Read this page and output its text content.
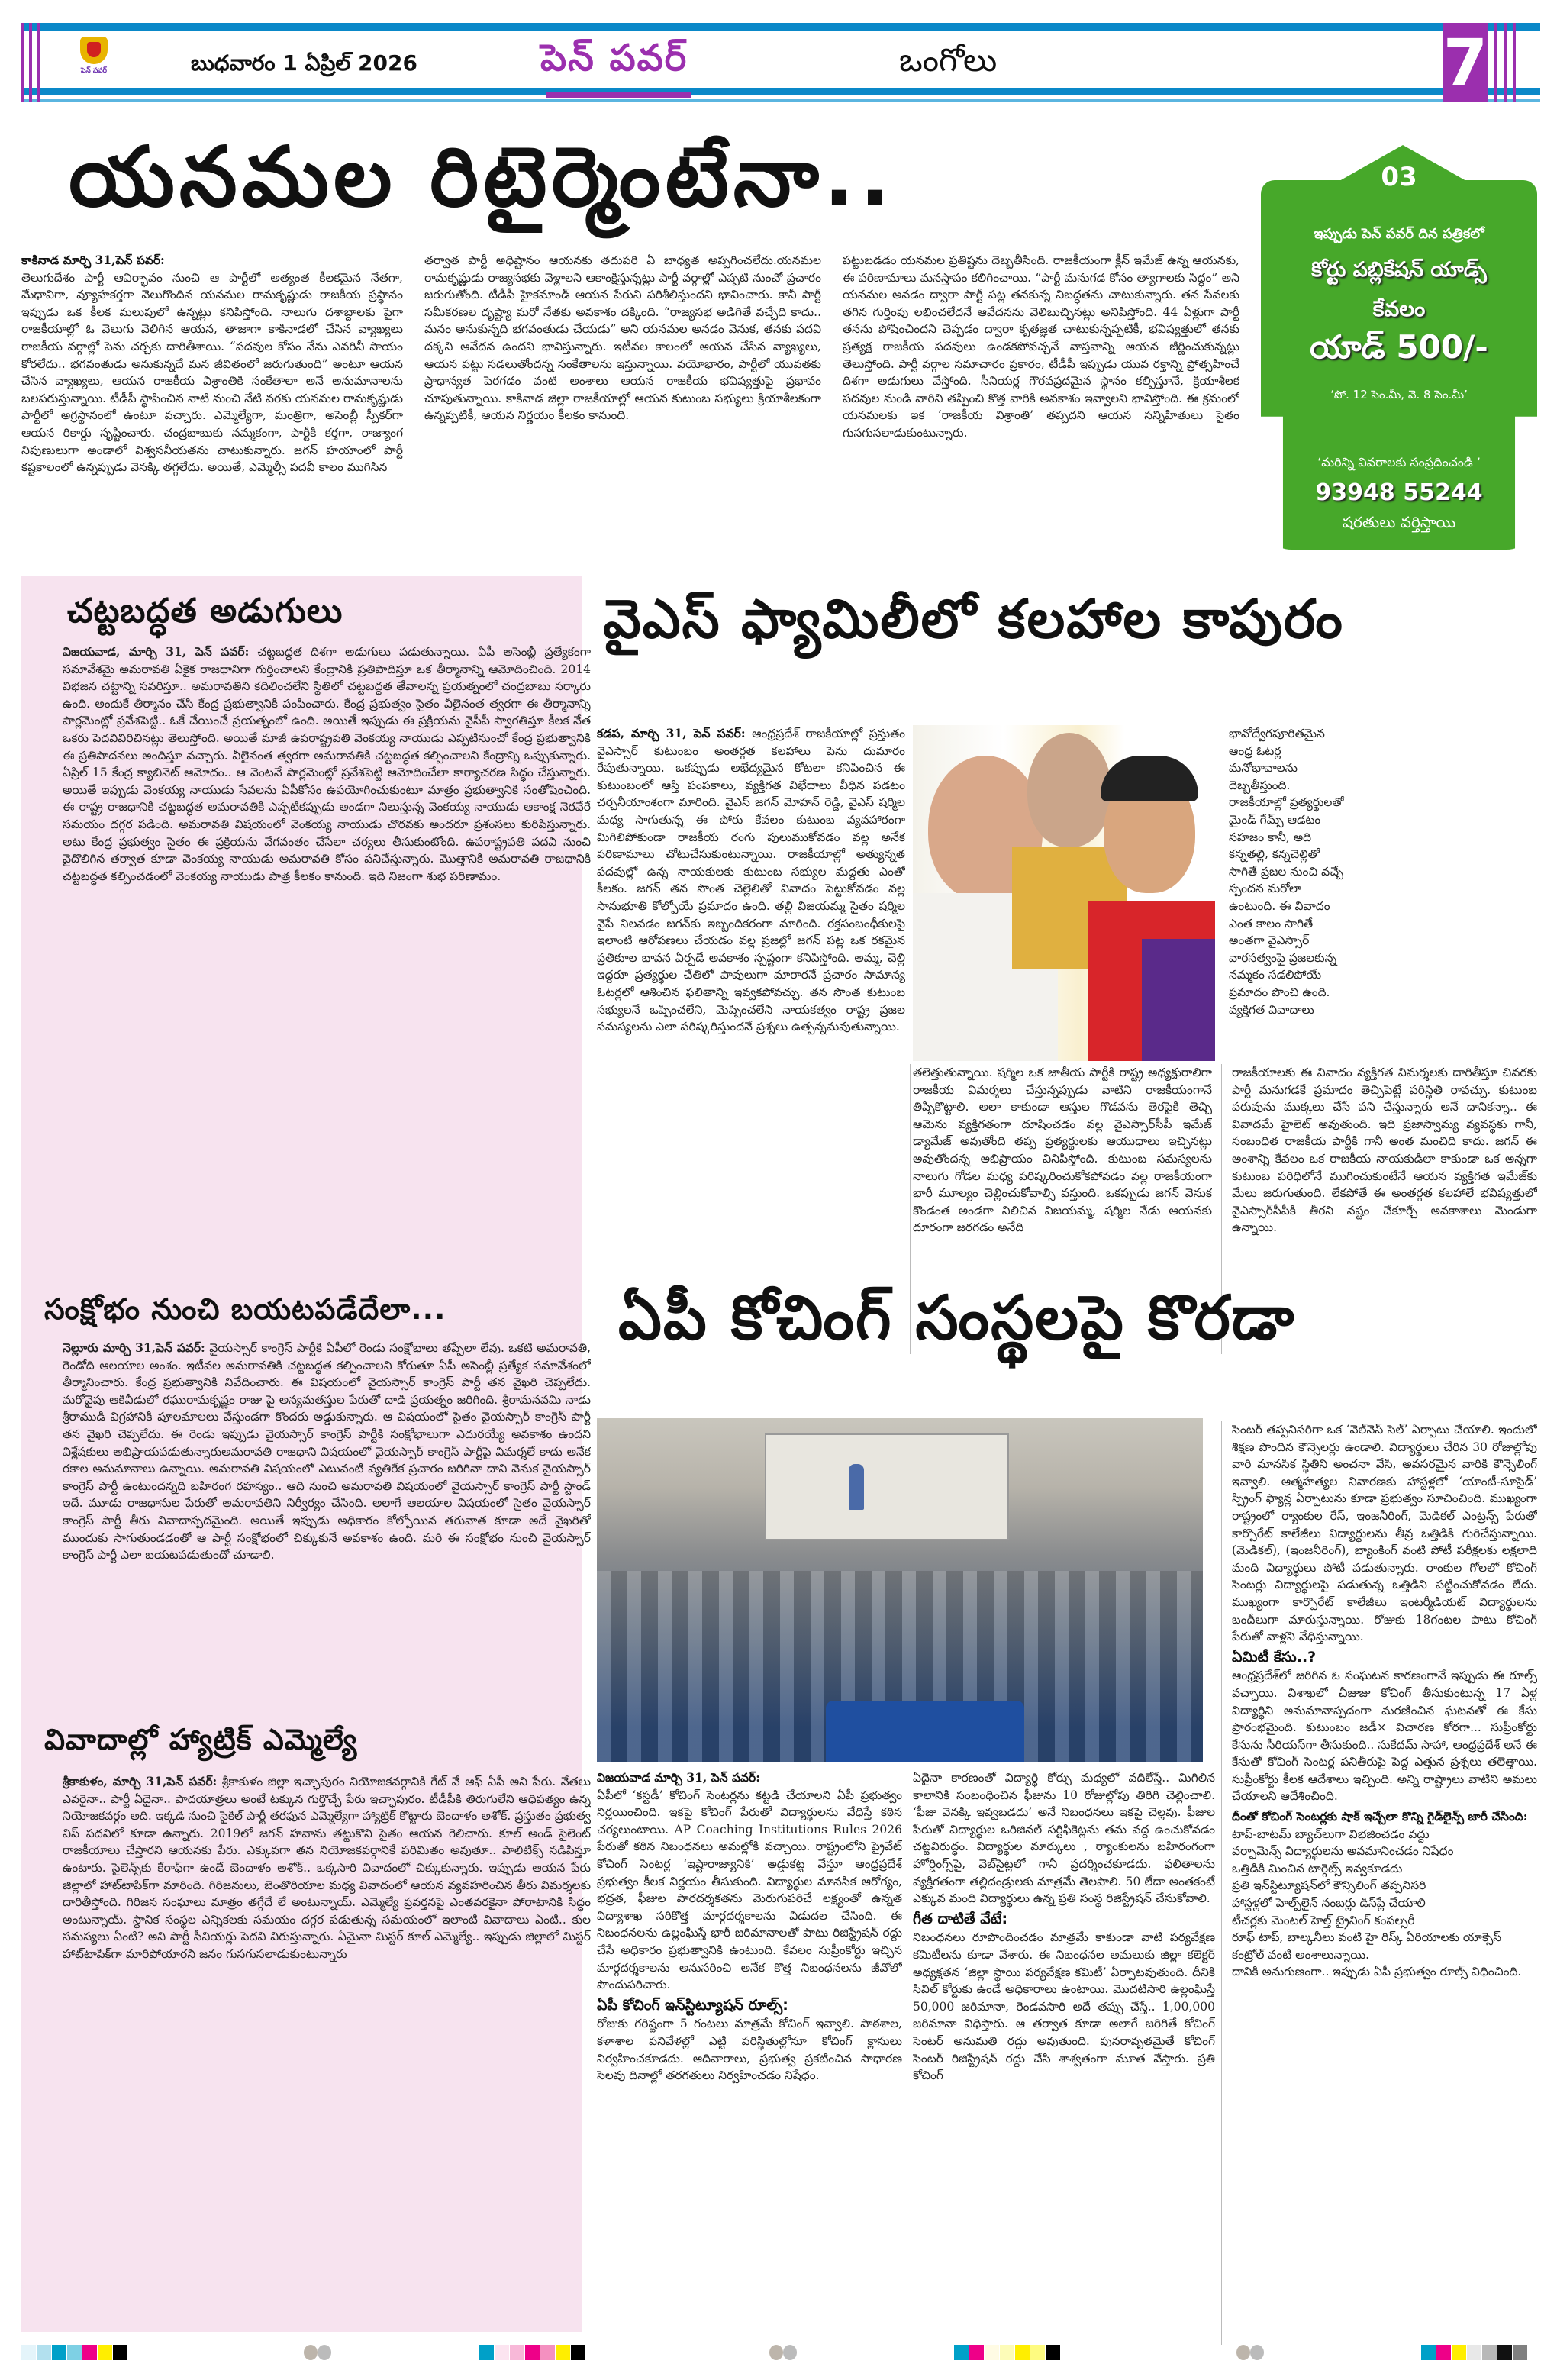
పెన్ పవర్	బుధవారం 1 ఏప్రిల్ 2026	పెన్ పవర్	ఒంగోలు	7
యనమల రిటైర్మెంటేనా..
కాకినాడ మార్చి 31,పెన్ పవర్:
తెలుగుదేశం పార్టీ ఆవిర్భావం నుంచి ఆ పార్టీలో అత్యంత కీలకమైన నేతగా, మేధావిగా, వ్యూహకర్తగా వెలుగొందిన యనమల రామకృష్ణుడు రాజకీయ ప్రస్థానం ఇప్పుడు ఒక కీలక మలుపులో ఉన్నట్లు కనిపిస్తోంది. నాలుగు దశాబ్దాలకు పైగా రాజకీయాల్లో ఓ వెలుగు వెలిగిన ఆయన, తాజాగా కాకినాడలో చేసిన వ్యాఖ్యలు రాజకీయ వర్గాల్లో పెను చర్చకు దారితీశాయి. “పదవుల కోసం నేను ఎవరినీ సాయం కోరలేదు.. భగవంతుడు అనుకున్నదే మన జీవితంలో జరుగుతుంది” అంటూ ఆయన చేసిన వ్యాఖ్యలు, ఆయన రాజకీయ విశ్రాంతికి సంకేతాలా అనే అనుమానాలను బలపరుస్తున్నాయి. టీడీపీ స్థాపించిన నాటి నుంచి నేటి వరకు యనమల రామకృష్ణుడు పార్టీలో అగ్రస్థానంలో ఉంటూ వచ్చారు. ఎమ్మెల్యేగా, మంత్రిగా, అసెంబ్లీ స్పీకర్‌గా ఆయన రికార్డు సృష్టించారు. చంద్రబాబుకు నమ్మకంగా, పార్టీకి కర్తగా, రాజ్యాంగ నిపుణులుగా అండాలో విశ్వసనీయతను చాటుకున్నారు. జగన్ హయాంలో పార్టీ కష్టకాలంలో ఉన్నప్పుడు వెనక్కి తగ్గలేదు. అయితే, ఎమ్మెల్సీ పదవీ కాలం ముగిసిన
తర్వాత పార్టీ అధిష్టానం ఆయనకు తదుపరి ఏ బాధ్యత అప్పగించలేదు.యనమల రామకృష్ణుడు రాజ్యసభకు వెళ్లాలని ఆకాంక్షిస్తున్నట్లు పార్టీ వర్గాల్లో ఎప్పటి నుంచో ప్రచారం జరుగుతోంది. టీడీపీ హైకమాండ్ ఆయన పేరుని పరిశీలిస్తుందని భావించారు. కానీ పార్టీ సమీకరణల దృష్ట్యా మరో నేతకు అవకాశం దక్కింది. “రాజ్యసభ అడిగితే వచ్చేది కాదు.. మనం అనుకున్నది భగవంతుడు చేయడు” అని యనమల అనడం వెనుక, తనకు పదవి దక్కని ఆవేదన ఉందని భావిస్తున్నారు. ఇటీవల కాలంలో ఆయన చేసిన వ్యాఖ్యలు, ఆయన పట్టు సడలుతోందన్న సంకేతాలను ఇస్తున్నాయి. వయోభారం, పార్టీలో యువతకు ప్రాధాన్యత పెరగడం వంటి అంశాలు ఆయన రాజకీయ భవిష్యత్తుపై ప్రభావం చూపుతున్నాయి. కాకినాడ జిల్లా రాజకీయాల్లో ఆయన కుటుంబ సభ్యులు క్రియాశీలకంగా ఉన్నప్పటికీ, ఆయన నిర్ణయం కీలకం కానుంది.
పట్టుబడడం యనమల ప్రతిష్టను దెబ్బతీసింది. రాజకీయంగా క్లీన్ ఇమేజ్ ఉన్న ఆయనకు, ఈ పరిణామాలు మనస్తాపం కలిగించాయి. “పార్టీ మనుగడ కోసం త్యాగాలకు సిద్ధం” అని యనమల అనడం ద్వారా పార్టీ పట్ల తనకున్న నిబద్ధతను చాటుకున్నారు. తన సేవలకు తగిన గుర్తింపు లభించలేదనే ఆవేదనను వెలిబుచ్చినట్లు అనిపిస్తోంది. 44 ఏళ్లుగా పార్టీ తనను పోషించిందని చెప్పడం ద్వారా కృతజ్ఞత చాటుకున్నప్పటికీ, భవిష్యత్తులో తనకు ప్రత్యక్ష రాజకీయ పదవులు ఉండకపోవచ్చనే వాస్తవాన్ని ఆయన జీర్ణించుకున్నట్లు తెలుస్తోంది. పార్టీ వర్గాల సమాచారం ప్రకారం, టీడీపీ ఇప్పుడు యువ రక్తాన్ని ప్రోత్సహించే దిశగా అడుగులు వేస్తోంది. సీనియర్ల గౌరవప్రదమైన స్థానం కల్పిస్తూనే, క్రియాశీలక పదవుల నుండి వారిని తప్పించి కొత్త వారికి అవకాశం ఇవ్వాలని భావిస్తోంది. ఈ క్రమంలో యనమలకు ఇక ‘రాజకీయ విశ్రాంతి’ తప్పదని ఆయన సన్నిహితులు సైతం గుసగుసలాడుకుంటున్నారు.
03
ఇప్పుడు పెన్ పవర్ దిన పత్రికలో
కోర్టు పబ్లికేషన్ యాడ్స్
కేవలం
యాడ్ 500/-
‘పో. 12 సెం.మీ, వె. 8 సెం.మీ’
‘మరిన్ని వివరాలకు సంప్రదించండి ’
93948 55244
షరతులు వర్తిస్తాయి
చట్టబద్ధత అడుగులు
విజయవాడ, మార్చి 31, పెన్ పవర్: చట్టబద్ధత దిశగా అడుగులు పడుతున్నాయి. ఏపీ అసెంబ్లీ ప్రత్యేకంగా సమావేశమై అమరావతి ఏకైక రాజధానిగా గుర్తించాలని కేంద్రానికి ప్రతిపాదిస్తూ ఒక తీర్మానాన్ని ఆమోదించింది. 2014 విభజన చట్టాన్ని సవరిస్తూ.. అమరావతిని కదిలించలేని స్థితిలో చట్టబద్ధత తేవాలన్న ప్రయత్నంలో చంద్రబాబు సర్కారు ఉంది. అందుకే తీర్మానం చేసి కేంద్ర ప్రభుత్వానికి పంపించారు. కేంద్ర ప్రభుత్వం సైతం వీలైనంత త్వరగా ఈ తీర్మానాన్ని పార్లమెంట్లో ప్రవేశపెట్టి.. ఓకే చేయించే ప్రయత్నంలో ఉంది. అయితే ఇప్పుడు ఈ ప్రక్రియను వైసీపీ స్వాగతిస్తూ కీలక నేత ఒకరు పెదవివిరిచినట్లు తెలుస్తోంది. అయితే మాజీ ఉపరాష్ట్రపతి వెంకయ్య నాయుడు ఎప్పటినుంచో కేంద్ర ప్రభుత్వానికి ఈ ప్రతిపాదనలు అందిస్తూ వచ్చారు. వీలైనంత త్వరగా అమరావతికి చట్టబద్ధత కల్పించాలని కేంద్రాన్ని ఒప్పుకున్నారు. ఏప్రిల్ 15 కేంద్ర క్యాబినెట్ ఆమోదం.. ఆ వెంటనే పార్లమెంట్లో ప్రవేశపెట్టి ఆమోదించేలా కార్యాచరణ సిద్ధం చేస్తున్నారు. అయితే ఇప్పుడు వెంకయ్య నాయుడు సేవలను ఏపీకోసం ఉపయోగించుకుంటూ మాత్రం ప్రభుత్వానికి సంతోషించింది. ఈ రాష్ట్ర రాజధానికి చట్టబద్ధత అమరావతికి ఎప్పటికప్పుడు అండగా నిలుస్తున్న వెంకయ్య నాయుడు ఆకాంక్ష నెరవేరే సమయం దగ్గర పడింది. అమరావతి విషయంలో వెంకయ్య నాయుడు చొరవకు అందరూ ప్రశంసలు కురిపిస్తున్నారు. అటు కేంద్ర ప్రభుత్వం సైతం ఈ ప్రక్రియను వేగవంతం చేసేలా చర్యలు తీసుకుంటోంది. ఉపరాష్ట్రపతి పదవి నుంచి వైదొలిగిన తర్వాత కూడా వెంకయ్య నాయుడు అమరావతి కోసం పనిచేస్తున్నారు. మొత్తానికి అమరావతి రాజధానికి చట్టబద్ధత కల్పించడంలో వెంకయ్య నాయుడు పాత్ర కీలకం కానుంది. ఇది నిజంగా శుభ పరిణామం.
సంక్షోభం నుంచి బయటపడేదేలా...
నెల్లూరు మార్చి 31,పెన్ పవర్: వైయస్సార్ కాంగ్రెస్ పార్టీకి ఏపీలో రెండు సంక్షోభాలు తప్పేలా లేవు. ఒకటి అమరావతి, రెండోది ఆలయాల అంశం. ఇటీవల అమరావతికి చట్టబద్ధత కల్పించాలని కోరుతూ ఏపీ అసెంబ్లీ ప్రత్యేక సమావేశంలో తీర్మానించారు. కేంద్ర ప్రభుత్వానికి నివేదించారు. ఈ విషయంలో వైయస్సార్ కాంగ్రెస్ పార్టీ తన వైఖరి చెప్పలేదు. మరోవైపు ఆకివీడులో రఘురామకృష్ణం రాజు పై అన్యమతస్తుల పేరుతో దాడి ప్రయత్నం జరిగింది. శ్రీరామనవమి నాడు శ్రీరాముడి విగ్రహానికి పూలమాలలు వేస్తుండగా కొందరు అడ్డుకున్నారు. ఆ విషయంలో సైతం వైయస్సార్ కాంగ్రెస్ పార్టీ తన వైఖరి చెప్పలేదు. ఈ రెండు ఇప్పుడు వైయస్సార్ కాంగ్రెస్ పార్టీకి సంక్షోభాలుగా ఎదురయ్యే అవకాశం ఉందని విశ్లేషకులు అభిప్రాయపడుతున్నారుఅమరావతి రాజధాని విషయంలో వైయస్సార్ కాంగ్రెస్ పార్టీపై విమర్శలే కాదు అనేక రకాల అనుమానాలు ఉన్నాయి. అమరావతి విషయంలో ఎటువంటి వ్యతిరేక ప్రచారం జరిగినా దాని వెనుక వైయస్సార్ కాంగ్రెస్ పార్టీ ఉంటుందన్నది బహిరంగ రహస్యం.. ఆది నుంచి అమరావతి విషయంలో వైయస్సార్ కాంగ్రెస్ పార్టీ స్టాండ్ ఇదే. మూడు రాజధానుల పేరుతో అమరావతిని నిర్వీర్యం చేసింది. అలాగే ఆలయాల విషయంలో సైతం వైయస్సార్ కాంగ్రెస్ పార్టీ తీరు వివాదాస్పదమైంది. అయితే ఇప్పుడు అధికారం కోల్పోయిన తరువాత కూడా అదే వైఖరితో ముందుకు సాగుతుండడంతో ఆ పార్టీ సంక్షోభంలో చిక్కుకునే అవకాశం ఉంది. మరి ఈ సంక్షోభం నుంచి వైయస్సార్ కాంగ్రెస్ పార్టీ ఎలా బయటపడుతుందో చూడాలి.
వివాదాల్లో హ్యాట్రిక్ ఎమ్మెల్యే
శ్రీకాకుళం, మార్చి 31,పెన్ పవర్: శ్రీకాకుళం జిల్లా ఇచ్ఛాపురం నియోజకవర్గానికి గేట్ వే ఆఫ్ ఏపీ అని పేరు. నేతలు ఎవరైనా.. పార్టీ ఏదైనా.. పాదయాత్రలు అంటే టక్కున గుర్తొచ్చే పేరు ఇచ్ఛాపురం. టీడీపీకి తిరుగులేని ఆధిపత్యం ఉన్న నియోజకవర్గం అది. ఇక్కడి నుంచి సైకిల్ పార్టీ తరఫున ఎమ్మెల్యేగా హ్యాట్రిక్ కొట్టారు బెందాళం అశోక్. ప్రస్తుతం ప్రభుత్వ విప్ పదవిలో కూడా ఉన్నారు. 2019లో జగన్ హవాను తట్టుకొని సైతం ఆయన గెలిచారు. కూల్ అండ్ సైలెంట్ రాజకీయాలు చేస్తారని ఆయనకు పేరు. ఎక్కువగా తన నియోజకవర్గానికే పరిమితం అవుతూ.. పాలిటిక్స్ నడిపిస్తూ ఉంటారు. సైలెన్స్‌కు కేరాఫ్‌గా ఉండే బెందాళం అశోక్.. ఒక్కసారి వివాదంలో చిక్కుకున్నారు. ఇప్పుడు ఆయన పేరు జిల్లాలో హాట్‌టాపిక్‌గా మారింది. గిరిజనులు, బెంతొరియాల మధ్య వివాదంలో ఆయన వ్యవహరించిన తీరు విమర్శలకు దారితీస్తోంది. గిరిజన సంఘాలు మాత్రం తగ్గేదే లే అంటున్నాయ్. ఎమ్మెల్యే ప్రవర్తనపై ఎంతవరకైనా పోరాటానికి సిద్ధం అంటున్నాయ్. స్థానిక సంస్థల ఎన్నికలకు సమయం దగ్గర పడుతున్న సమయంలో ఇలాంటి వివాదాలు ఏంటి.. కుల సమస్యలు ఏంటి? అని పార్టీ సీనియర్లు పెదవి విరుస్తున్నారు. ఏమైనా మిస్టర్ కూల్ ఎమ్మెల్యే.. ఇప్పుడు జిల్లాలో మిస్టర్ హాట్‌టాపిక్‌గా మారిపోయారని జనం గుసగుసలాడుకుంటున్నారు
వైఎస్ ఫ్యామిలీలో కలహాల కాపురం
కడప, మార్చి 31, పెన్ పవర్: ఆంధ్రప్రదేశ్ రాజకీయాల్లో ప్రస్తుతం వైఎస్సార్ కుటుంబం అంతర్గత కలహాలు పెను దుమారం రేపుతున్నాయి. ఒకప్పుడు అభేద్యమైన కోటలా కనిపించిన ఈ కుటుంబంలో ఆస్తి పంపకాలు, వ్యక్తిగత విభేదాలు వీధిన పడటం చర్చనీయాంశంగా మారింది. వైఎస్ జగన్ మోహన్ రెడ్డి, వైఎస్ షర్మిల మధ్య సాగుతున్న ఈ పోరు కేవలం కుటుంబ వ్యవహారంగా మిగిలిపోకుండా రాజకీయ రంగు పులుముకోవడం వల్ల అనేక పరిణామాలు చోటుచేసుకుంటున్నాయి. రాజకీయాల్లో అత్యున్నత పదవుల్లో ఉన్న నాయకులకు కుటుంబ సభ్యుల మద్దతు ఎంతో కీలకం. జగన్ తన సొంత చెల్లెలితో వివాదం పెట్టుకోవడం వల్ల సానుభూతి కోల్పోయే ప్రమాదం ఉంది. తల్లి విజయమ్మ సైతం షర్మిల వైపే నిలవడం జగన్‌కు ఇబ్బందికరంగా మారింది. రక్తసంబంధీకులపై ఇలాంటి ఆరోపణలు చేయడం వల్ల ప్రజల్లో జగన్ పట్ల ఒక రకమైన ప్రతికూల భావన ఏర్పడే అవకాశం స్పష్టంగా కనిపిస్తోంది. అమ్మ, చెల్లి ఇద్దరూ ప్రత్యర్థుల చేతిలో పావులుగా మారారనే ప్రచారం సామాన్య ఓటర్లలో ఆశించిన ఫలితాన్ని ఇవ్వకపోవచ్చు. తన సొంత కుటుంబ సభ్యులనే ఒప్పించలేని, మెప్పించలేని నాయకత్వం రాష్ట్ర ప్రజల సమస్యలను ఎలా పరిష్కరిస్తుందనే ప్రశ్నలు ఉత్పన్నమవుతున్నాయి.
భావోద్వేగపూరితమైన ఆంధ్ర ఓటర్ల మనోభావాలను దెబ్బతీస్తుంది. రాజకీయాల్లో ప్రత్యర్థులతో మైండ్ గేమ్స్ ఆడటం సహజం కానీ, అది కన్నతల్లి, కన్నచెల్లితో సాగితే ప్రజల నుంచి వచ్చే స్పందన మరోలా ఉంటుంది. ఈ వివాదం ఎంత కాలం సాగితే అంతగా వైఎస్సార్ వారసత్వంపై ప్రజలకున్న నమ్మకం సడలిపోయే ప్రమాదం పొంచి ఉంది. వ్యక్తిగత వివాదాలు
తలెత్తుతున్నాయి. షర్మిల ఒక జాతీయ పార్టీకి రాష్ట్ర అధ్యక్షురాలిగా రాజకీయ విమర్శలు చేస్తున్నప్పుడు వాటిని రాజకీయంగానే తిప్పికొట్టాలి. అలా కాకుండా ఆస్తుల గొడవను తెరపైకి తెచ్చి ఆమెను వ్యక్తిగతంగా దూషించడం వల్ల వైఎస్సార్‌సీపీ ఇమేజ్ డ్యామేజ్ అవుతోంది తప్ప ప్రత్యర్థులకు ఆయుధాలు ఇచ్చినట్లు అవుతోందన్న అభిప్రాయం వినిపిస్తోంది. కుటుంబ సమస్యలను నాలుగు గోడల మధ్య పరిష్కరించుకోకపోవడం వల్ల రాజకీయంగా భారీ మూల్యం చెల్లించుకోవాల్సి వస్తుంది. ఒకప్పుడు జగన్ వెనుక కొండంత అండగా నిలిచిన విజయమ్మ, షర్మిల నేడు ఆయనకు దూరంగా జరగడం అనేది
రాజకీయాలకు ఈ వివాదం వ్యక్తిగత విమర్శలకు దారితీస్తూ చివరకు పార్టీ మనుగడకే ప్రమాదం తెచ్చిపెట్టే పరిస్థితి రావచ్చు. కుటుంబ పరువును ముక్కలు చేసే పని చేస్తున్నారు అనే దానికన్నా.. ఈ వివాదమే హైలెట్ అవుతుంది. ఇది ప్రజాస్వామ్య వ్యవస్థకు గానీ, సంబంధిత రాజకీయ పార్టీకి గానీ అంత మంచిది కాదు. జగన్ ఈ అంశాన్ని కేవలం ఒక రాజకీయ నాయకుడిలా కాకుండా ఒక అన్నగా కుటుంబ పరిధిలోనే ముగించుకుంటేనే ఆయన వ్యక్తిగత ఇమేజ్‌కు మేలు జరుగుతుంది. లేకపోతే ఈ అంతర్గత కలహాలే భవిష్యత్తులో వైఎస్సార్‌సీపీకి తీరని నష్టం చేకూర్చే అవకాశాలు మెండుగా ఉన్నాయి.
ఏపీ కోచింగ్ సంస్థలపై కొరడా
విజయవాడ మార్చి 31, పెన్ పవర్:
ఏపీలో ‘కస్టడీ’ కోచింగ్ సెంటర్లను కట్టడి చేయాలని ఏపీ ప్రభుత్వం నిర్ణయించింది. ఇకపై కోచింగ్ పేరుతో విద్యార్థులను వేధిస్తే కఠిన చర్యలుంటాయి. AP Coaching Institutions Rules 2026 పేరుతో కఠిన నిబంధనలు అమల్లోకి వచ్చాయి. రాష్ట్రంలోని ప్రైవేట్ కోచింగ్ సెంటర్ల ‘ఇష్టారాజ్యానికి’ అడ్డుకట్ట వేస్తూ ఆంధ్రప్రదేశ్ ప్రభుత్వం కీలక నిర్ణయం తీసుకుంది. విద్యార్థుల మానసిక ఆరోగ్యం, భద్రత, ఫీజుల పారదర్శకతను మెరుగుపరిచే లక్ష్యంతో ఉన్నత విద్యాశాఖ సరికొత్త మార్గదర్శకాలను విడుదల చేసింది. ఈ నిబంధనలను ఉల్లంఘిస్తే భారీ జరిమానాలతో పాటు రిజిస్ట్రేషన్ రద్దు చేసే అధికారం ప్రభుత్వానికి ఉంటుంది. కేవలం సుప్రీంకోర్టు ఇచ్చిన మార్గదర్శకాలను అనుసరించి అనేక కొత్త నిబంధనలను జీవోలో పొందుపరిచారు.
ఏపీ కోచింగ్ ఇన్‌స్టిట్యూషన్ రూల్స్:
రోజుకు గరిష్టంగా 5 గంటలు మాత్రమే కోచింగ్ ఇవ్వాలి. పాఠశాల, కళాశాల పనివేళల్లో ఎట్టి పరిస్థితుల్లోనూ కోచింగ్ క్లాసులు నిర్వహించకూడదు. ఆదివారాలు, ప్రభుత్వ ప్రకటించిన సాధారణ సెలవు దినాల్లో తరగతులు నిర్వహించడం నిషేధం.
ఏదైనా కారణంతో విద్యార్థి కోర్సు మధ్యలో వదిలేస్తే.. మిగిలిన కాలానికి సంబంధించిన ఫీజును 10 రోజుల్లోపు తిరిగి చెల్లించాలి. ‘ఫీజు వెనక్కి ఇవ్వబడదు’ అనే నిబంధనలు ఇకపై చెల్లవు. ఫీజుల పేరుతో విద్యార్థుల ఒరిజినల్ సర్టిఫికెట్లను తమ వద్ద ఉంచుకోవడం చట్టవిరుద్ధం. విద్యార్థుల మార్కులు , ర్యాంకులను బహిరంగంగా హోర్డింగ్స్‌పై, వెబ్‌సైట్లలో గానీ ప్రదర్శించకూడదు. ఫలితాలను వ్యక్తిగతంగా తల్లిదండ్రులకు మాత్రమే తెలపాలి. 50 లేదా అంతకంటే ఎక్కువ మంది విద్యార్థులు ఉన్న ప్రతి సంస్థ రిజిస్ట్రేషన్ చేసుకోవాలి.
గీత దాటితే వేటే:
నిబంధనలు రూపొందించడం మాత్రమే కాకుండా వాటి పర్యవేక్షణ కమిటీలను కూడా వేశారు. ఈ నిబంధనల అమలుకు జిల్లా కలెక్టర్ అధ్యక్షతన ‘జిల్లా స్థాయి పర్యవేక్షణ కమిటీ’ ఏర్పాటవుతుంది. దీనికి సివిల్ కోర్టుకు ఉండే అధికారాలు ఉంటాయి. మొదటిసారి ఉల్లంఘిస్తే 50,000 జరిమానా, రెండవసారి అదే తప్పు చేస్తే.. 1,00,000 జరిమానా విధిస్తారు. ఆ తర్వాత కూడా అలాగే జరిగితే కోచింగ్ సెంటర్ అనుమతి రద్దు అవుతుంది. పునరావృతమైతే కోచింగ్ సెంటర్ రిజిస్ట్రేషన్ రద్దు చేసి శాశ్వతంగా మూత వేస్తారు. ప్రతి కోచింగ్
సెంటర్ తప్పనిసరిగా ఒక ‘వెల్‌నెస్ సెల్’ ఏర్పాటు చేయాలి. ఇందులో శిక్షణ పొందిన కౌన్సెలర్లు ఉండాలి. విద్యార్థులు చేరిన 30 రోజుల్లోపు వారి మానసిక స్థితిని అంచనా వేసి, అవసరమైన వారికి కౌన్సెలింగ్ ఇవ్వాలి. ఆత్మహత్యల నివారణకు హాస్టళ్లలో ‘యాంటీ-సూసైడ్’ స్ప్రింగ్ ఫ్యాన్ల ఏర్పాటును కూడా ప్రభుత్వం సూచించింది. ముఖ్యంగా రాష్ట్రంలో ర్యాంకుల రేస్, ఇంజనీరింగ్, మెడికల్ ఎంట్రన్స్ పేరుతో కార్పొరేట్ కాలేజీలు విద్యార్థులను తీవ్ర ఒత్తిడికి గురిచేస్తున్నాయి. (మెడికల్), (ఇంజనీరింగ్), బ్యాంకింగ్ వంటి పోటీ పరీక్షలకు లక్షలాది మంది విద్యార్థులు పోటీ పడుతున్నారు. రాంకుల గోలలో కోచింగ్ సెంటర్లు విద్యార్థులపై పడుతున్న ఒత్తిడిని పట్టించుకోవడం లేదు. ముఖ్యంగా కార్పొరేట్ కాలేజీలు ఇంటర్మీడియట్ విద్యార్థులను బందీలుగా మారుస్తున్నాయి. రోజుకు 18గంటల పాటు కోచింగ్ పేరుతో వాళ్లని వేధిస్తున్నాయి.
ఏమిటీ కేసు..?
ఆంధ్రప్రదేశ్‌లో జరిగిన ఓ సంఘటన కారణంగానే ఇప్పుడు ఈ రూల్స్ వచ్చాయి. విశాఖలో చీజుజు కోచింగ్ తీసుకుంటున్న 17 ఏళ్ల విద్యార్థిని అనుమానాస్పదంగా మరణించిన ఘటనతో ఈ కేసు ప్రారంభమైంది. కుటుంబం జడీ× విచారణ కోరగా... సుప్రీంకోర్టు కేసును సీరియస్‌గా తీసుకుంది.. సుకేదమ్ సాహా, ఆంధ్రప్రదేశ్ అనే ఈ కేసుతో కోచింగ్ సెంటర్ల పనితీరుపై పెద్ద ఎత్తున ప్రశ్నలు తలెత్తాయి. సుప్రీంకోర్టు కీలక ఆదేశాలు ఇచ్చింది. అన్ని రాష్ట్రాలు వాటిని అమలు చేయాలని ఆదేశించింది.
దీంతో కోచింగ్ సెంటర్లకు షాక్ ఇచ్చేలా కొన్ని గైడ్‌లైన్స్ జారీ చేసింది:
టాప్-బాటమ్ బ్యాచ్‌లుగా విభజించడం వద్దు
వర్ఫామెన్స్ విద్యార్థులను అవమానించడం నిషేధం
ఒత్తిడికి మించిన టార్గెట్స్ ఇవ్వకూడదు
ప్రతి ఇన్‌స్టిట్యూషన్‌లో కౌన్సిలింగ్ తప్పనిసరి
హాస్టళ్లలో హెల్ప్‌లైన్ నంబర్లు డిస్‌ప్లే చేయాలి
టీచర్లకు మెంటల్ హెల్త్ ట్రైనింగ్ కంపల్సరీ
రూఫ్ టాప్, బాల్కనీలు వంటి హై రిస్క్ ఏరియాలకు యాక్సెస్ కంట్రోల్ వంటి అంశాలున్నాయి.
దానికి అనుగుణంగా.. ఇప్పుడు ఏపీ ప్రభుత్వం రూల్స్ విధించింది.
